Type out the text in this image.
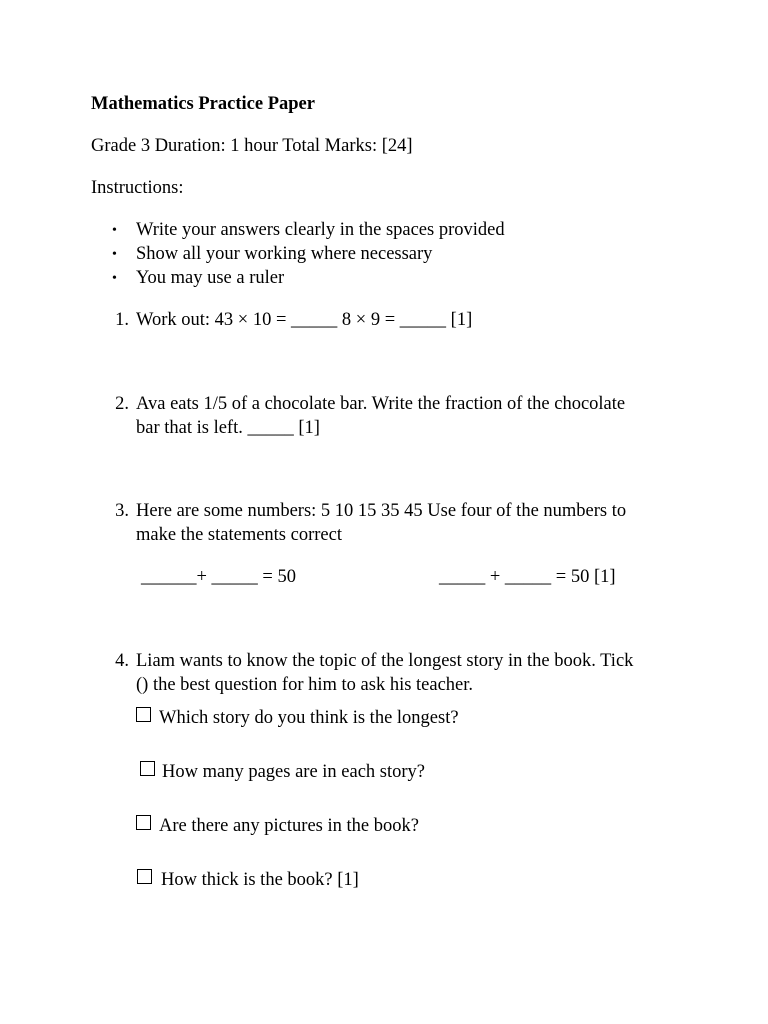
Mathematics Practice Paper
Grade 3 Duration: 1 hour Total Marks: [24]
Instructions:
• Write your answers clearly in the spaces provided
• Show all your working where necessary
• You may use a ruler
1. Work out: 43 × 10 = _____ 8 × 9 = _____ [1]
2. Ava eats 1/5 of a chocolate bar. Write the fraction of the chocolate
bar that is left. _____ [1]
3. Here are some numbers: 5 10 15 35 45 Use four of the numbers to
make the statements correct
______+ _____ = 50	_____ + _____ = 50 [1]
4. Liam wants to know the topic of the longest story in the book. Tick
() the best question for him to ask his teacher.
Which story do you think is the longest?
How many pages are in each story?
Are there any pictures in the book?
How thick is the book? [1]
